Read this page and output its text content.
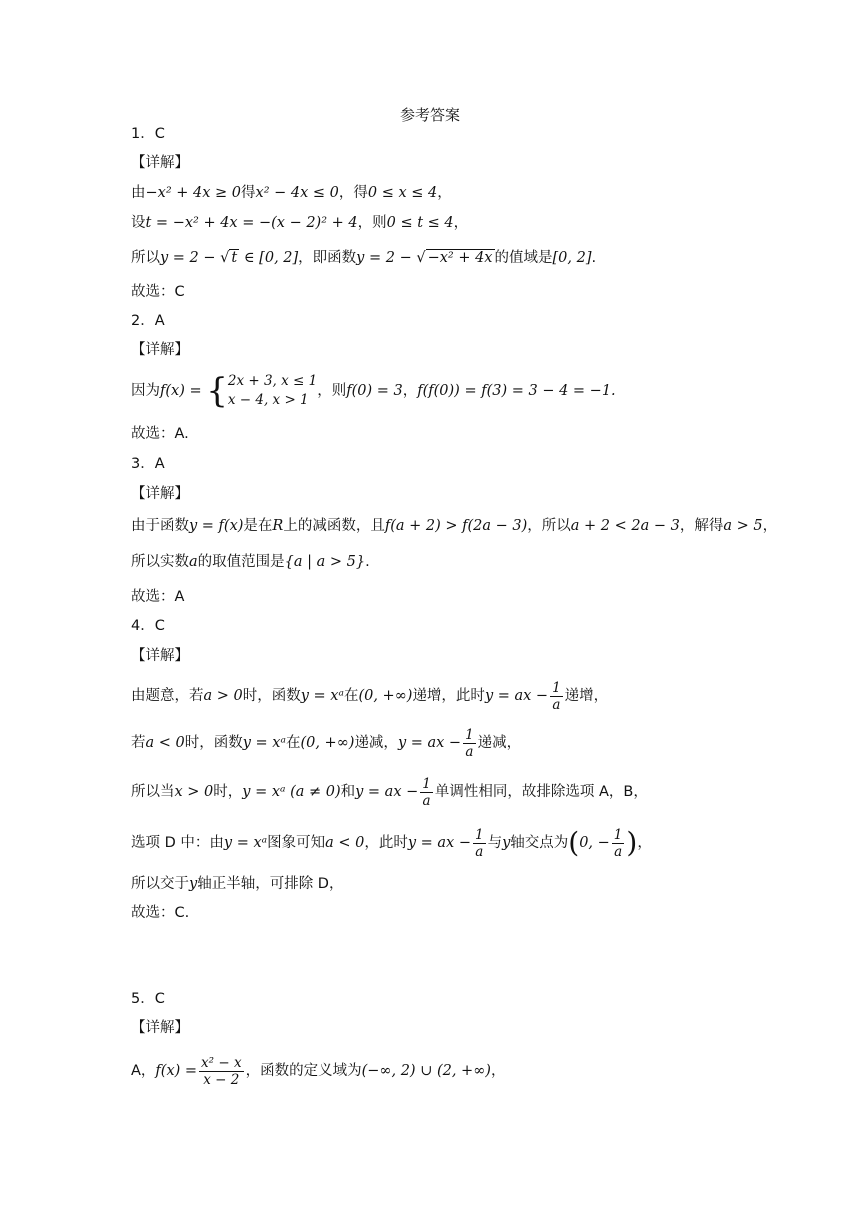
参考答案
1．C
【详解】
由−x² + 4x ≥ 0得x² − 4x ≤ 0，得0 ≤ x ≤ 4，
设t = −x² + 4x = −(x − 2)² + 4，则0 ≤ t ≤ 4，
所以y = 2 − √ t ∈ [0, 2]，即函数y = 2 − √ −x² + 4x 的值域是[0, 2].
故选：C
2．A
【详解】
因为f(x) = { 2x + 3, x ≤ 1
x − 4, x > 1
，则f(0) = 3，f(f(0)) = f(3) = 3 − 4 = −1.
故选：A.
3．A
【详解】
由于函数y = f(x)是在R上的减函数，且f(a + 2) > f(2a − 3)，所以a + 2 < 2a − 3，解得a > 5，
所以实数a的取值范围是{a | a > 5}.
故选：A
4．C
【详解】
由题意，若a > 0时，函数y = xᵃ在(0, +∞)递增，此时y = ax − $\frac{1}{a}$ 递增，
若a < 0时，函数y = xᵃ在(0, +∞)递减，y = ax − $\frac{1}{a}$ 递减，
所以当x > 0时，y = xᵃ (a ≠ 0)和y = ax − $\frac{1}{a}$ 单调性相同，故排除选项 A，B，
选项 D 中：由y = xᵃ图象可知a < 0，此时y = ax − $\frac{1}{a}$ 与y轴交点为(0, − $\frac{1}{a}$ )，
所以交于y轴正半轴，可排除 D，
故选：C.
5．C
【详解】
A，$f(x) = \frac{\text{x² − x}}{x - 2}$ ，函数的定义域为(−∞, 2) ∪ (2, +∞)，
